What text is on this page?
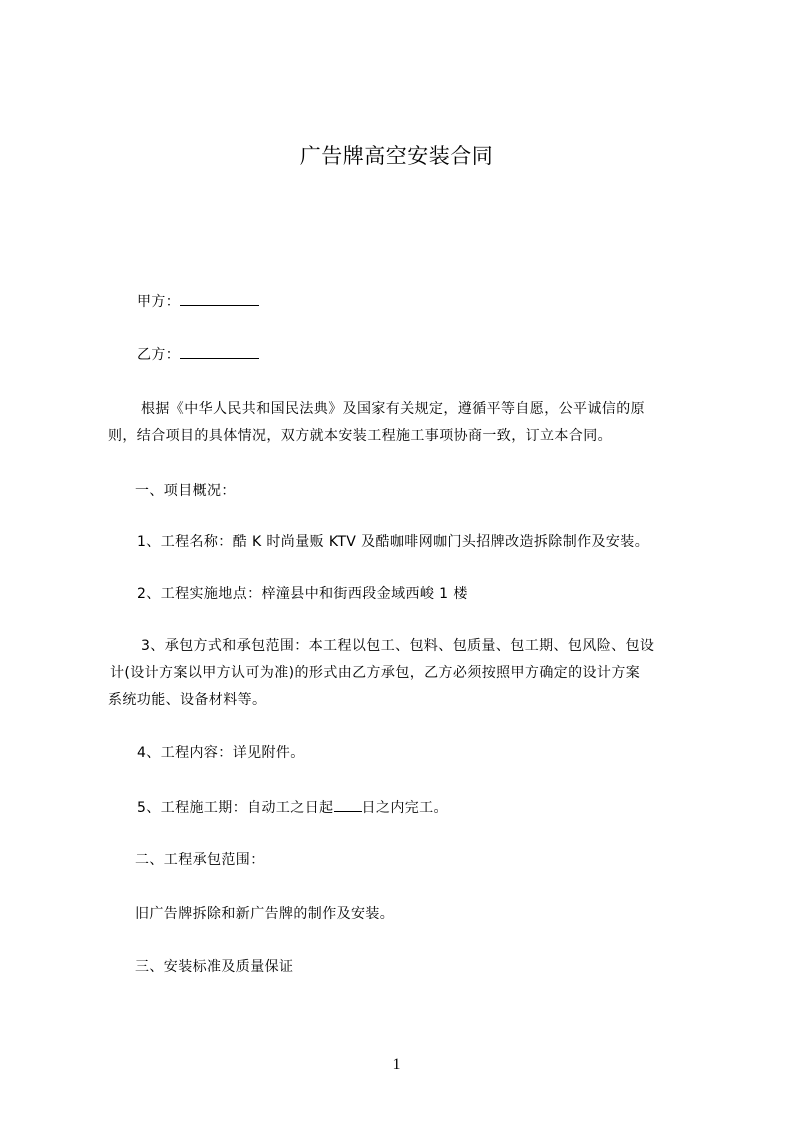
广告牌高空安装合同
甲方：
乙方：
根据《中华人民共和国民法典》及国家有关规定，遵循平等自愿，公平诚信的原
则，结合项目的具体情况，双方就本安装工程施工事项协商一致，订立本合同。
一、项目概况：
1、工程名称：酷 K 时尚量贩 KTV 及酷咖啡网咖门头招牌改造拆除制作及安装。
2、工程实施地点：梓潼县中和街西段金域西峻 1 楼
3、承包方式和承包范围：本工程以包工、包料、包质量、包工期、包风险、包设
计(设计方案以甲方认可为准)的形式由乙方承包，乙方必须按照甲方确定的设计方案
系统功能、设备材料等。
4、工程内容：详见附件。
5、工程施工期：自动工之日起 日之内完工。
二、工程承包范围：
旧广告牌拆除和新广告牌的制作及安装。
三、安装标准及质量保证
1
